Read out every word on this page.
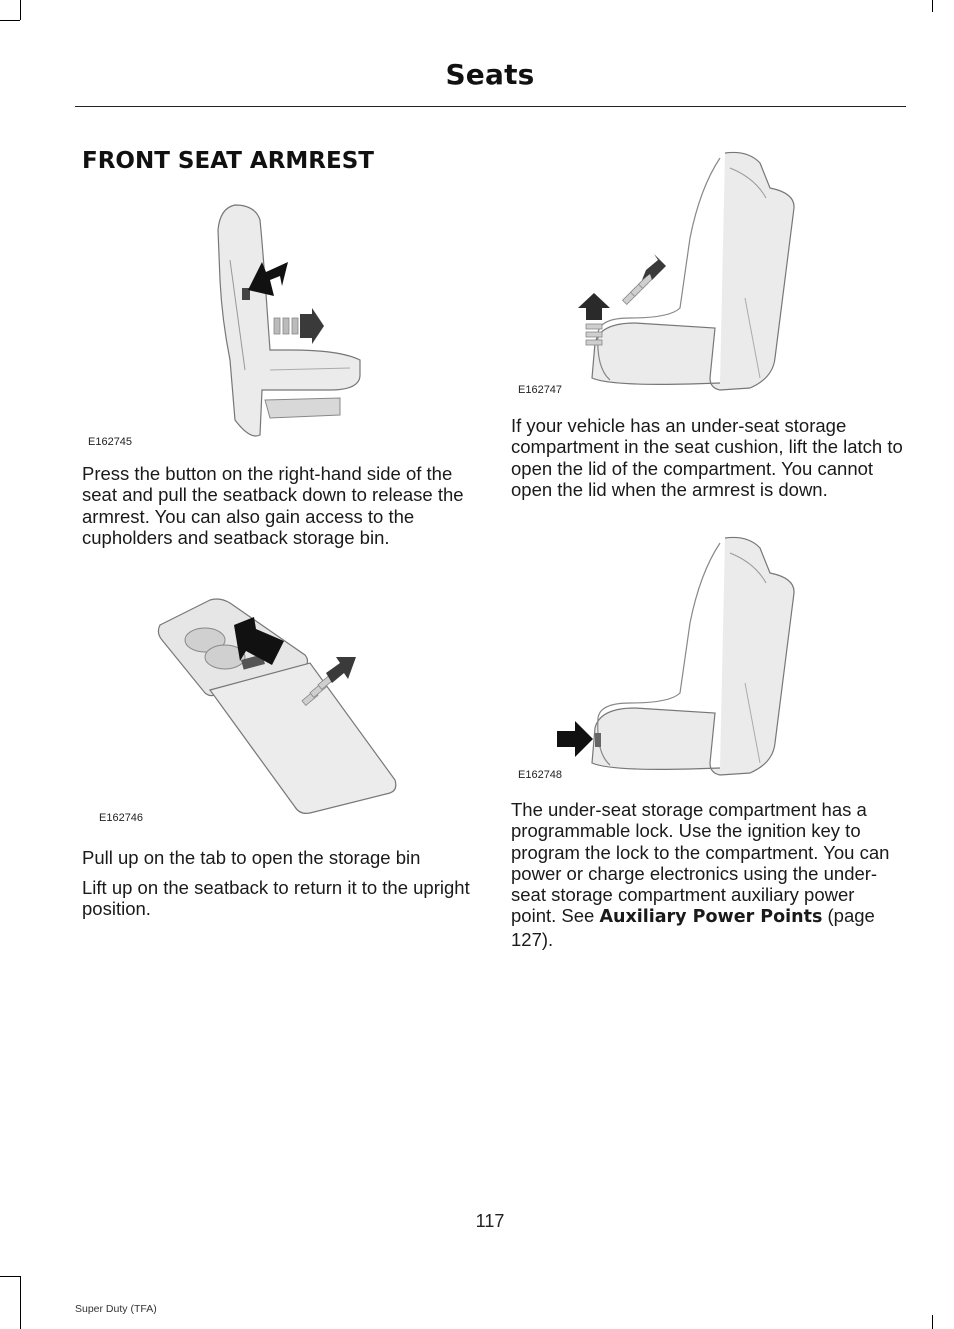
Seats
FRONT SEAT ARMREST
E162745

Press the button on the right-hand side of the seat and pull the seatback down to release the armrest. You can also gain access to the cupholders and seatback storage bin.

E162746

Pull up on the tab to open the storage bin

Lift up on the seatback to return it to the upright position.

E162747

If your vehicle has an under-seat storage compartment in the seat cushion, lift the latch to open the lid of the compartment. You cannot open the lid when the armrest is down.

E162748

The under-seat storage compartment has a programmable lock. Use the ignition key to program the lock to the compartment. You can power or charge electronics using the under-seat storage compartment auxiliary power point. See Auxiliary Power Points (page 127).

117
Super Duty (TFA)
